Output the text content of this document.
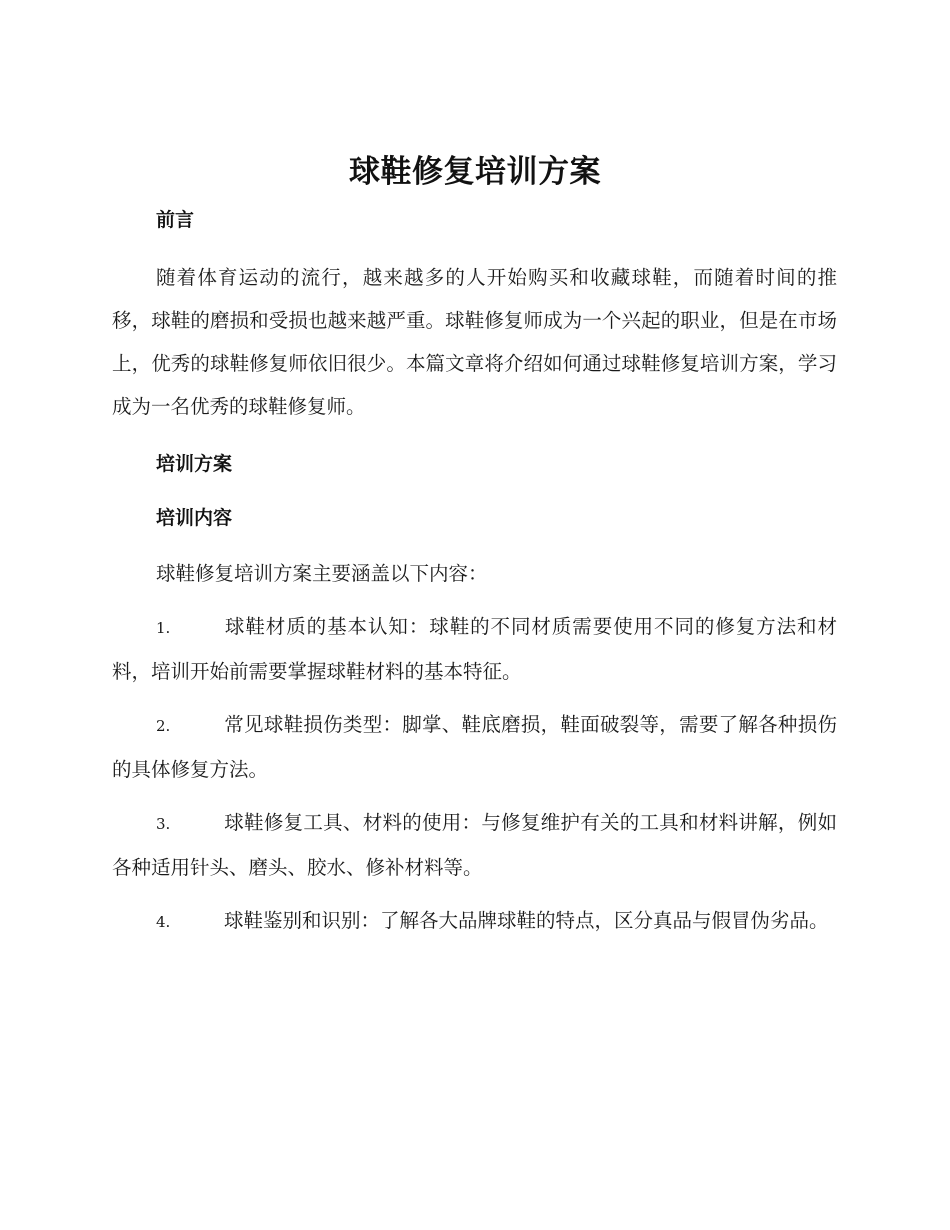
球鞋修复培训方案
前言

随着体育运动的流行，越来越多的人开始购买和收藏球鞋，而随着时间的推移，球鞋的磨损和受损也越来越严重。球鞋修复师成为一个兴起的职业，但是在市场上，优秀的球鞋修复师依旧很少。本篇文章将介绍如何通过球鞋修复培训方案，学习成为一名优秀的球鞋修复师。

培训方案
培训内容

球鞋修复培训方案主要涵盖以下内容：

1.	球鞋材质的基本认知：球鞋的不同材质需要使用不同的修复方法和材料，培训开始前需要掌握球鞋材料的基本特征。

2.	常见球鞋损伤类型：脚掌、鞋底磨损，鞋面破裂等，需要了解各种损伤的具体修复方法。

3.	球鞋修复工具、材料的使用：与修复维护有关的工具和材料讲解，例如各种适用针头、磨头、胶水、修补材料等。

4.	球鞋鉴别和识别：了解各大品牌球鞋的特点，区分真品与假冒伪劣品。
